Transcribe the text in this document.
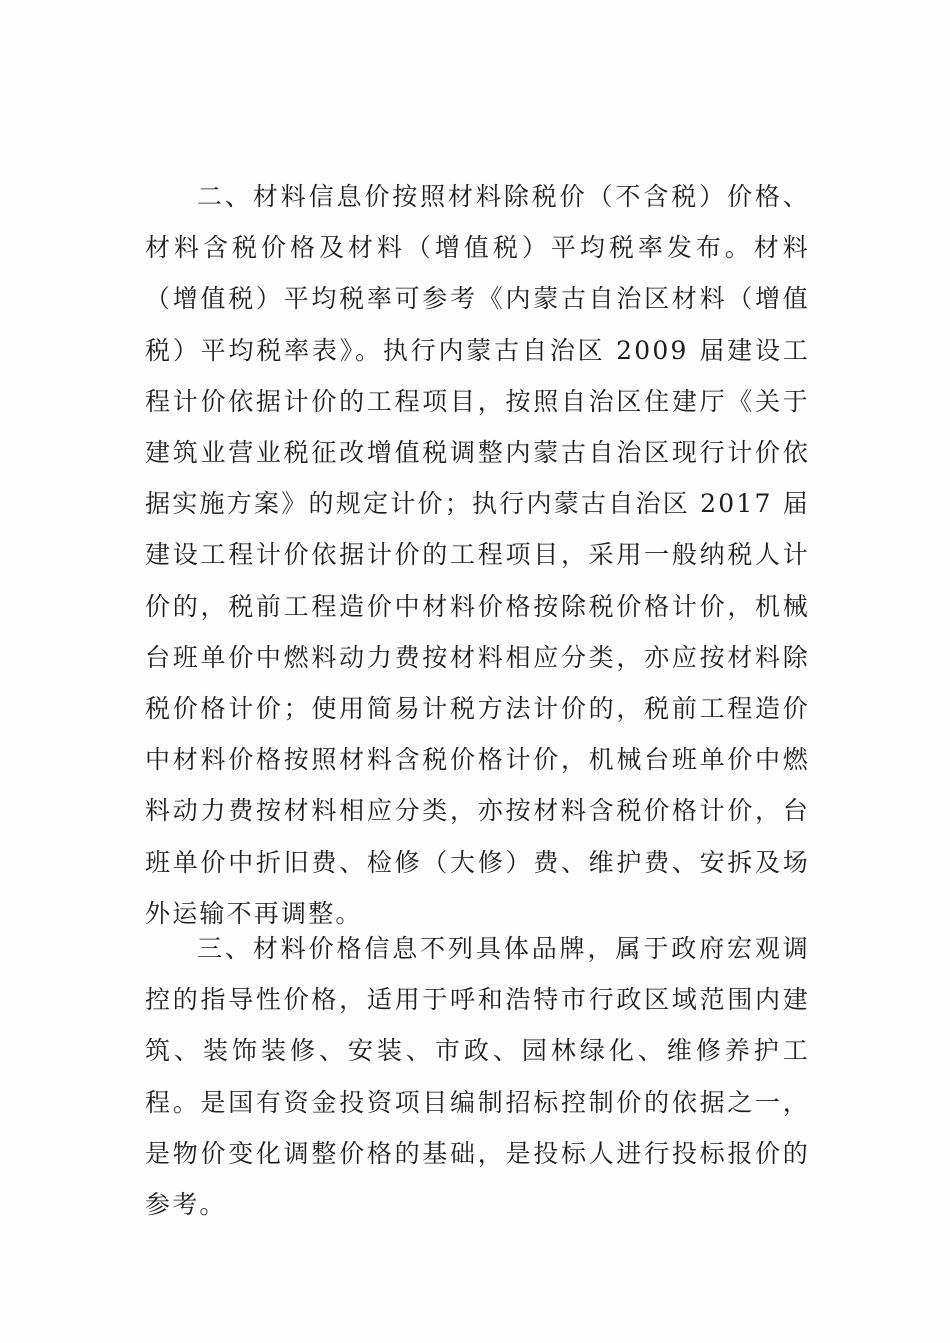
二、材料信息价按照材料除税价（不含税）价格、材料含税价格及材料（增值税）平均税率发布。材料（增值税）平均税率可参考《内蒙古自治区材料（增值税）平均税率表》。执行内蒙古自治区 2009 届建设工程计价依据计价的工程项目，按照自治区住建厅《关于建筑业营业税征改增值税调整内蒙古自治区现行计价依据实施方案》的规定计价；执行内蒙古自治区 2017 届建设工程计价依据计价的工程项目，采用一般纳税人计价的，税前工程造价中材料价格按除税价格计价，机械台班单价中燃料动力费按材料相应分类，亦应按材料除税价格计价；使用简易计税方法计价的，税前工程造价中材料价格按照材料含税价格计价，机械台班单价中燃料动力费按材料相应分类，亦按材料含税价格计价，台班单价中折旧费、检修（大修）费、维护费、安拆及场外运输不再调整。

三、材料价格信息不列具体品牌，属于政府宏观调控的指导性价格，适用于呼和浩特市行政区域范围内建筑、装饰装修、安装、市政、园林绿化、维修养护工程。是国有资金投资项目编制招标控制价的依据之一，是物价变化调整价格的基础，是投标人进行投标报价的参考。
